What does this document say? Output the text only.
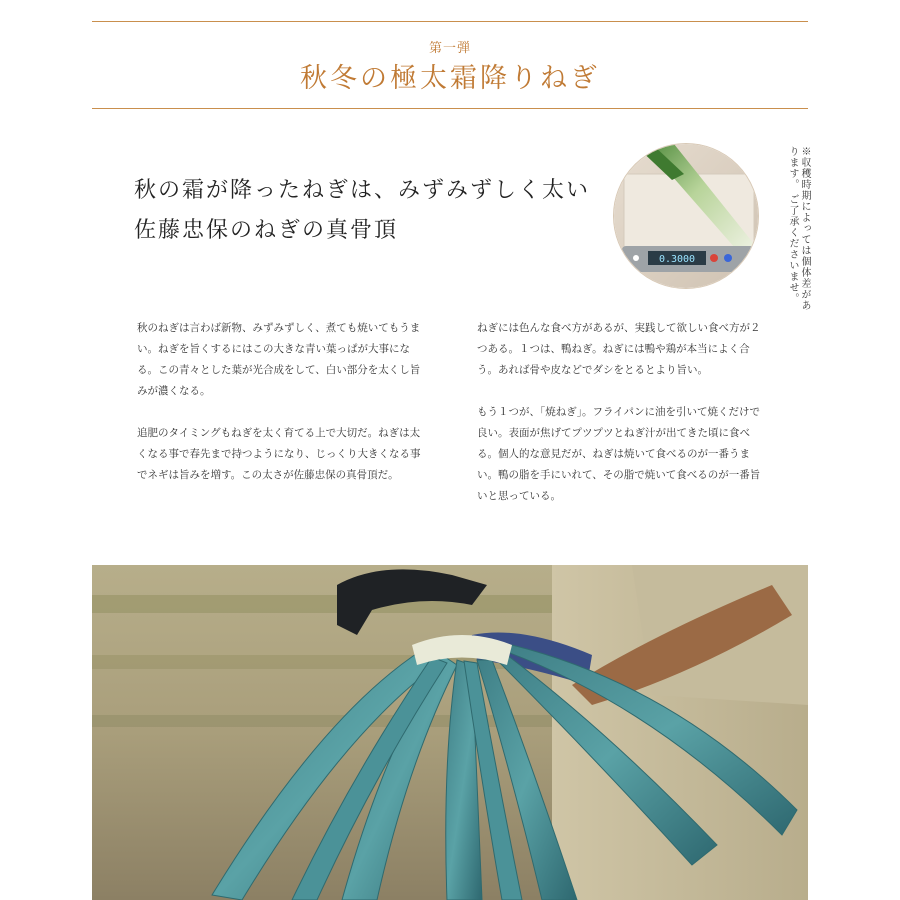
第一弾
秋冬の極太霜降りねぎ
秋の霜が降ったねぎは、みずみずしく太い
佐藤忠保のねぎの真骨頂
0.3000	※収穫時期によっては個体差があります。 ご了承くださいませ。

秋のねぎは言わば新物、みずみずしく、煮ても焼いてもうまい。ねぎを旨くするにはこの大きな青い葉っぱが大事になる。この青々とした葉が光合成をして、白い部分を太くし旨みが濃くなる。

追肥のタイミングもねぎを太く育てる上で大切だ。ねぎは太くなる事で春先まで持つようになり、じっくり大きくなる事でネギは旨みを増す。この太さが佐藤忠保の真骨頂だ。

ねぎには色んな食べ方があるが、実践して欲しい食べ方が２つある。１つは、鴨ねぎ。ねぎには鴨や鶏が本当によく合う。あれば骨や皮などでダシをとるとより旨い。

もう１つが、「焼ねぎ」。フライパンに油を引いて焼くだけで良い。表面が焦げてプツプツとねぎ汁が出てきた頃に食べる。個人的な意見だが、ねぎは焼いて食べるのが一番うまい。鴨の脂を手にいれて、その脂で焼いて食べるのが一番旨いと思っている。
